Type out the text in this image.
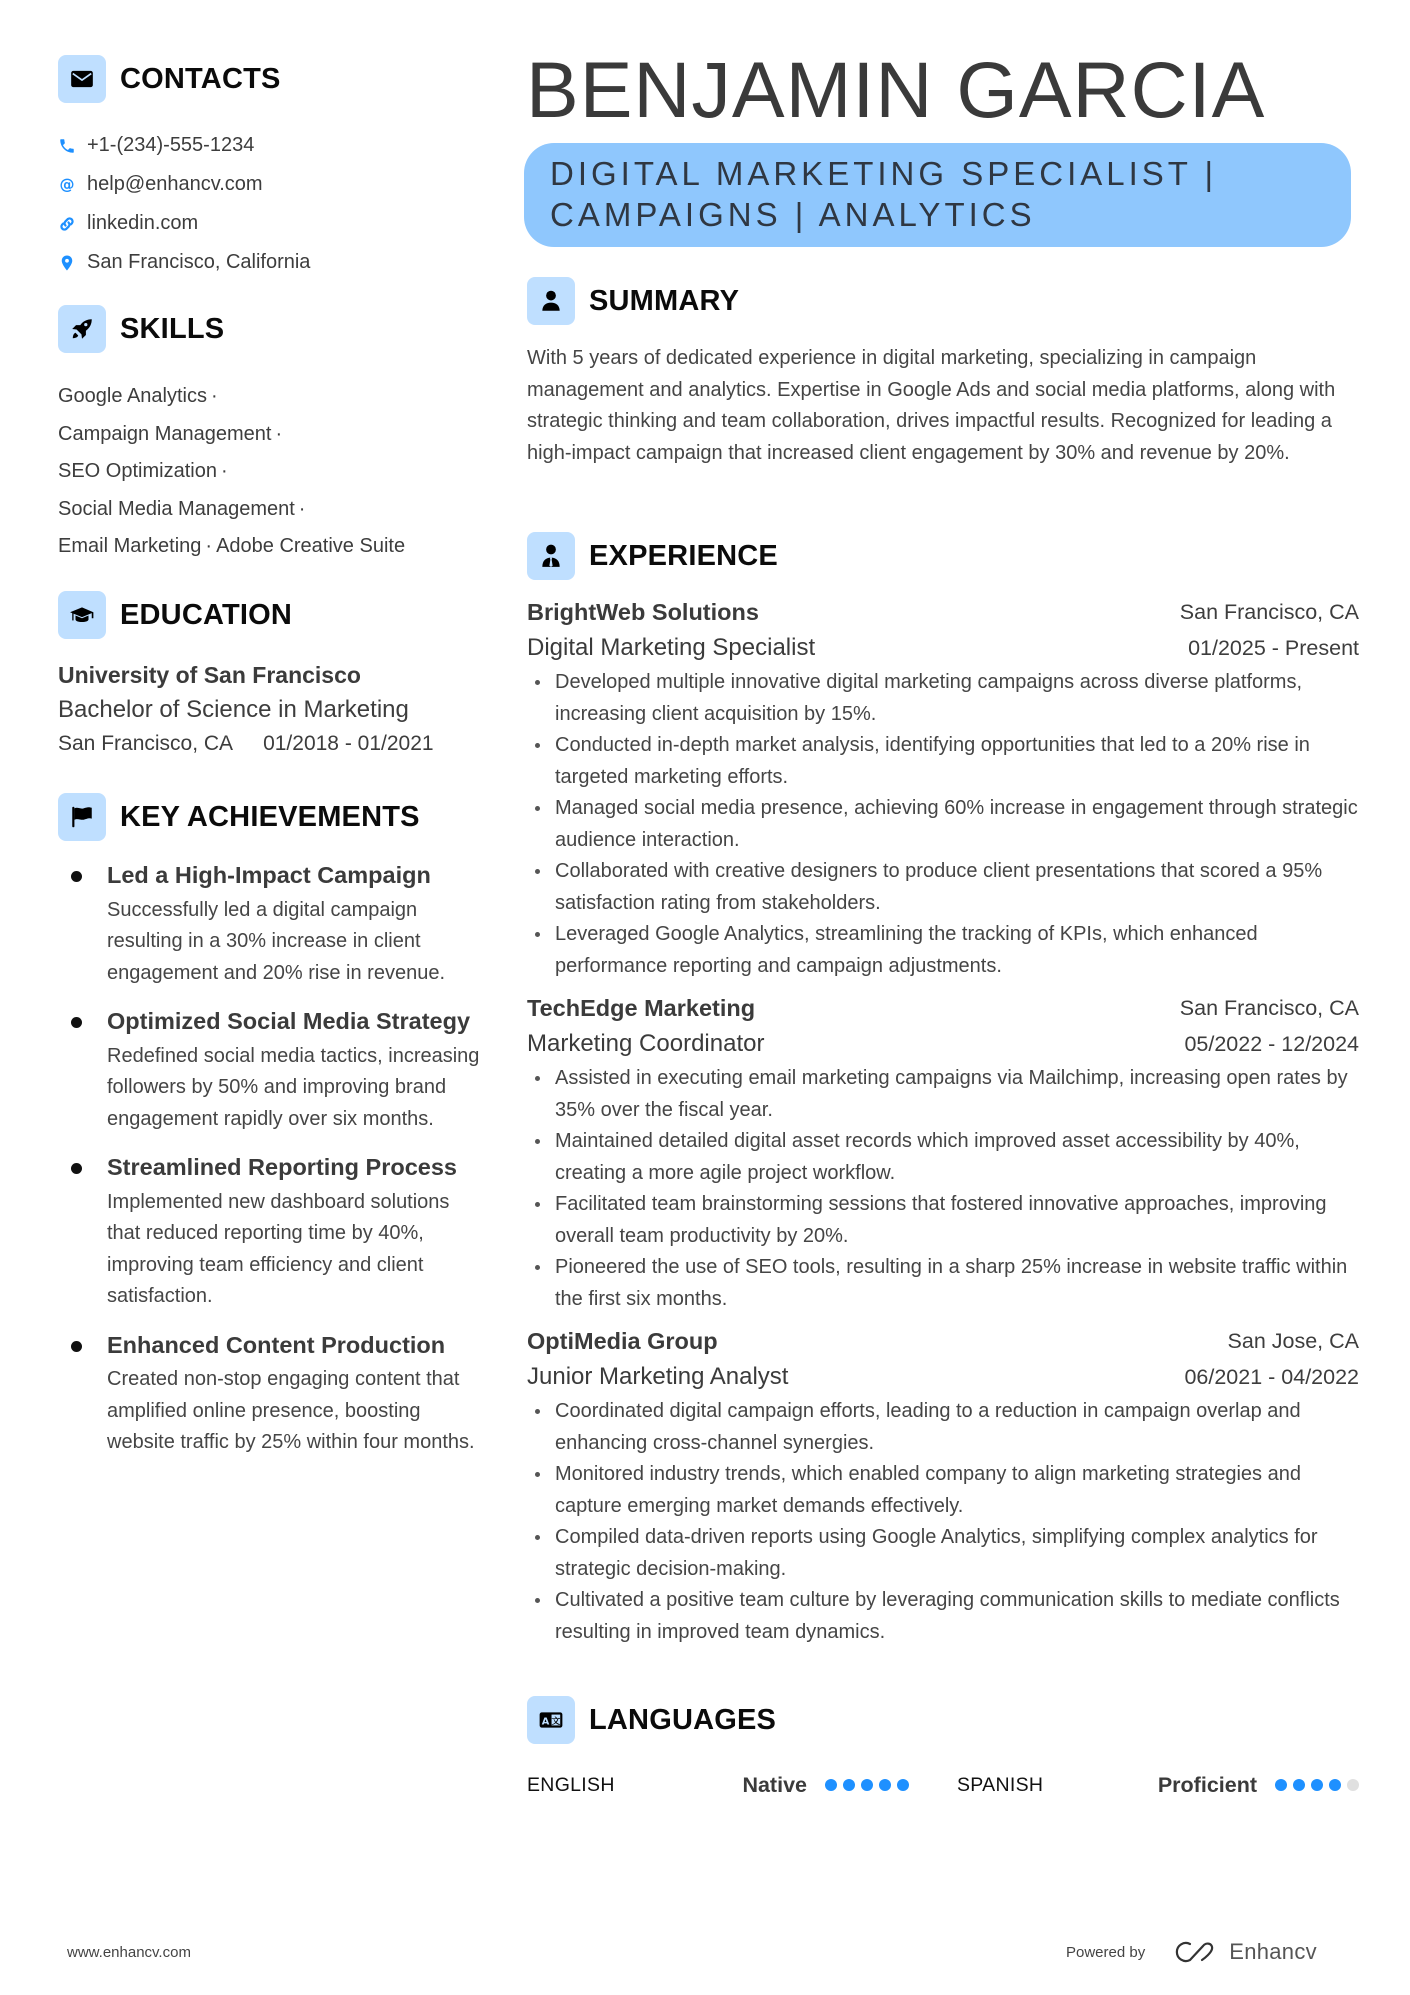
CONTACTS
+1-(234)-555-1234
@ help@enhancv.com
linkedin.com
San Francisco, California
SKILLS
Google Analytics ·
Campaign Management ·
SEO Optimization ·
Social Media Management ·
Email Marketing · Adobe Creative Suite
EDUCATION
University of San Francisco
Bachelor of Science in Marketing
San Francisco, CA 01/2018 - 01/2021
KEY ACHIEVEMENTS
Led a High-Impact Campaign
Successfully led a digital campaign resulting in a 30% increase in client engagement and 20% rise in revenue.
Optimized Social Media Strategy
Redefined social media tactics, increasing followers by 50% and improving brand engagement rapidly over six months.
Streamlined Reporting Process
Implemented new dashboard solutions that reduced reporting time by 40%, improving team efficiency and client satisfaction.
Enhanced Content Production
Created non-stop engaging content that amplified online presence, boosting website traffic by 25% within four months.
BENJAMIN GARCIA
DIGITAL MARKETING SPECIALIST | CAMPAIGNS | ANALYTICS
SUMMARY
With 5 years of dedicated experience in digital marketing, specializing in campaign management and analytics. Expertise in Google Ads and social media platforms, along with strategic thinking and team collaboration, drives impactful results. Recognized for leading a high-impact campaign that increased client engagement by 30% and revenue by 20%.
EXPERIENCE
BrightWeb Solutions	San Francisco, CA
Digital Marketing Specialist	01/2025 - Present
Developed multiple innovative digital marketing campaigns across diverse platforms, increasing client acquisition by 15%.
Conducted in-depth market analysis, identifying opportunities that led to a 20% rise in targeted marketing efforts.
Managed social media presence, achieving 60% increase in engagement through strategic audience interaction.
Collaborated with creative designers to produce client presentations that scored a 95% satisfaction rating from stakeholders.
Leveraged Google Analytics, streamlining the tracking of KPIs, which enhanced performance reporting and campaign adjustments.
TechEdge Marketing	San Francisco, CA
Marketing Coordinator	05/2022 - 12/2024
Assisted in executing email marketing campaigns via Mailchimp, increasing open rates by 35% over the fiscal year.
Maintained detailed digital asset records which improved asset accessibility by 40%, creating a more agile project workflow.
Facilitated team brainstorming sessions that fostered innovative approaches, improving overall team productivity by 20%.
Pioneered the use of SEO tools, resulting in a sharp 25% increase in website traffic within the first six months.
OptiMedia Group	San Jose, CA
Junior Marketing Analyst	06/2021 - 04/2022
Coordinated digital campaign efforts, leading to a reduction in campaign overlap and enhancing cross-channel synergies.
Monitored industry trends, which enabled company to align marketing strategies and capture emerging market demands effectively.
Compiled data-driven reports using Google Analytics, simplifying complex analytics for strategic decision-making.
Cultivated a positive team culture by leveraging communication skills to mediate conflicts resulting in improved team dynamics.
A 文 LANGUAGES
ENGLISH	Native	SPANISH	Proficient
www.enhancv.com	Powered by	Enhancv
